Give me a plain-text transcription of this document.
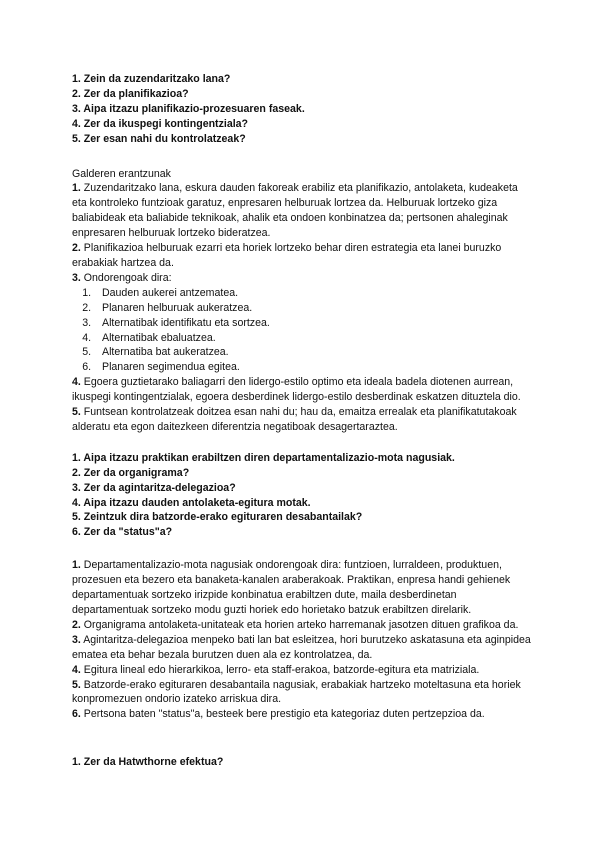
1. Zein da zuzendaritzako lana?

2. Zer da planifikazioa?

3. Aipa itzazu planifikazio-prozesuaren faseak.

4. Zer da ikuspegi kontingentziala?

5. Zer esan nahi du kontrolatzeak?

Galderen erantzunak

1. Zuzendaritzako lana, eskura dauden fakoreak erabiliz eta planifikazio, antolaketa, kudeaketa eta kontroleko funtzioak garatuz, enpresaren helburuak lortzea da. Helburuak lortzeko giza baliabideak eta baliabide teknikoak, ahalik eta ondoen konbinatzea da; pertsonen ahaleginak enpresaren helburuak lortzeko bideratzea.

2. Planifikazioa helburuak ezarri eta horiek lortzeko behar diren estrategia eta lanei buruzko erabakiak hartzea da.

3. Ondorengoak dira:

1. Dauden aukerei antzematea.
2. Planaren helburuak aukeratzea.
3. Alternatibak identifikatu eta sortzea.
4. Alternatibak ebaluatzea.
5. Alternatiba bat aukeratzea.
6. Planaren segimendua egitea.

4. Egoera guztietarako baliagarri den lidergo-estilo optimo eta ideala badela diotenen aurrean, ikuspegi kontingentzialak, egoera desberdinek lidergo-estilo desberdinak eskatzen dituztela dio.

5. Funtsean kontrolatzeak doitzea esan nahi du; hau da, emaitza errealak eta planifikatutakoak alderatu eta egon daitezkeen diferentzia negatiboak desagertaraztea.

1. Aipa itzazu praktikan erabiltzen diren departamentalizazio-mota nagusiak.

2. Zer da organigrama?

3. Zer da agintaritza-delegazioa?

4. Aipa itzazu dauden antolaketa-egitura motak.

5. Zeintzuk dira batzorde-erako egituraren desabantailak?

6. Zer da "status"a?

1. Departamentalizazio-mota nagusiak ondorengoak dira: funtzioen, lurraldeen, produktuen, prozesuen eta bezero eta banaketa-kanalen araberakoak. Praktikan, enpresa handi gehienek departamentuak sortzeko irizpide konbinatua erabiltzen dute, maila desberdinetan departamentuak sortzeko modu guzti horiek edo horietako batzuk erabiltzen direlarik.

2. Organigrama antolaketa-unitateak eta horien arteko harremanak jasotzen dituen grafikoa da.

3. Agintaritza-delegazioa menpeko bati lan bat esleitzea, hori burutzeko askatasuna eta aginpidea ematea eta behar bezala burutzen duen ala ez kontrolatzea, da.

4. Egitura lineal edo hierarkikoa, lerro- eta staff-erakoa, batzorde-egitura eta matriziala.

5. Batzorde-erako egituraren desabantaila nagusiak, erabakiak hartzeko moteltasuna eta horiek konpromezuen ondorio izateko arriskua dira.

6. Pertsona baten "status"a, besteek bere prestigio eta kategoriaz duten pertzepzioa da.

1. Zer da Hatwthorne efektua?
